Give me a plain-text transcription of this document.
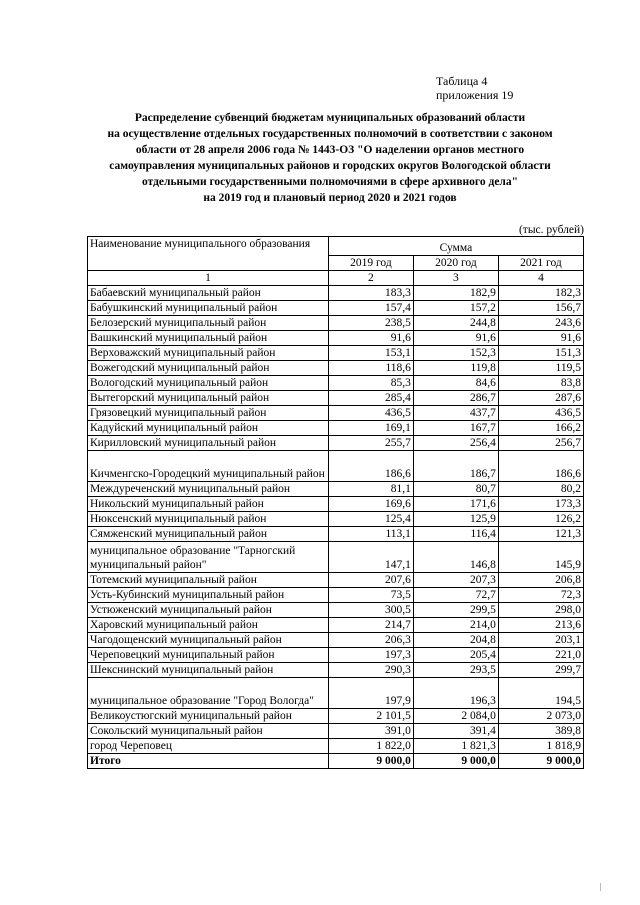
Таблица 4
приложения 19
Распределение субвенций бюджетам муниципальных образований области
на осуществление отдельных государственных полномочий в соответствии с законом
области от 28 апреля 2006 года № 1443-ОЗ "О наделении органов местного
самоуправления муниципальных районов и городских округов Вологодской области
отдельными государственными полномочиями в сфере архивного дела"
на 2019 год и плановый период 2020 и 2021 годов
(тыс. рублей)
Наименование муниципального образования	Сумма		
	2019 год	2020 год	2021 год
1	2	3	4
Бабаевский муниципальный район	183,3	182,9	182,3
Бабушкинский муниципальный район	157,4	157,2	156,7
Белозерский муниципальный район	238,5	244,8	243,6
Вашкинский муниципальный район	91,6	91,6	91,6
Верховажский муниципальный район	153,1	152,3	151,3
Вожегодский муниципальный район	118,6	119,8	119,5
Вологодский муниципальный район	85,3	84,6	83,8
Вытегорский муниципальный район	285,4	286,7	287,6
Грязовецкий муниципальный район	436,5	437,7	436,5
Кадуйский муниципальный район	169,1	167,7	166,2
Кирилловский муниципальный район	255,7	256,4	256,7
Кичменгско-Городецкий муниципальный район	186,6	186,7	186,6
Междуреченский муниципальный район	81,1	80,7	80,2
Никольский муниципальный район	169,6	171,6	173,3
Нюксенский муниципальный район	125,4	125,9	126,2
Сямженский муниципальный район	113,1	116,4	121,3
муниципальное образование "Тарногский муниципальный район"	147,1	146,8	145,9
Тотемский муниципальный район	207,6	207,3	206,8
Усть-Кубинский муниципальный район	73,5	72,7	72,3
Устюженский муниципальный район	300,5	299,5	298,0
Харовский муниципальный район	214,7	214,0	213,6
Чагодощенский муниципальный район	206,3	204,8	203,1
Череповецкий муниципальный район	197,3	205,4	221,0
Шекснинский муниципальный район	290,3	293,5	299,7
муниципальное образование "Город Вологда"	197,9	196,3	194,5
Великоустюгский муниципальный район	2 101,5	2 084,0	2 073,0
Сокольский муниципальный район	391,0	391,4	389,8
город Череповец	1 822,0	1 821,3	1 818,9
Итого	9 000,0	9 000,0	9 000,0
